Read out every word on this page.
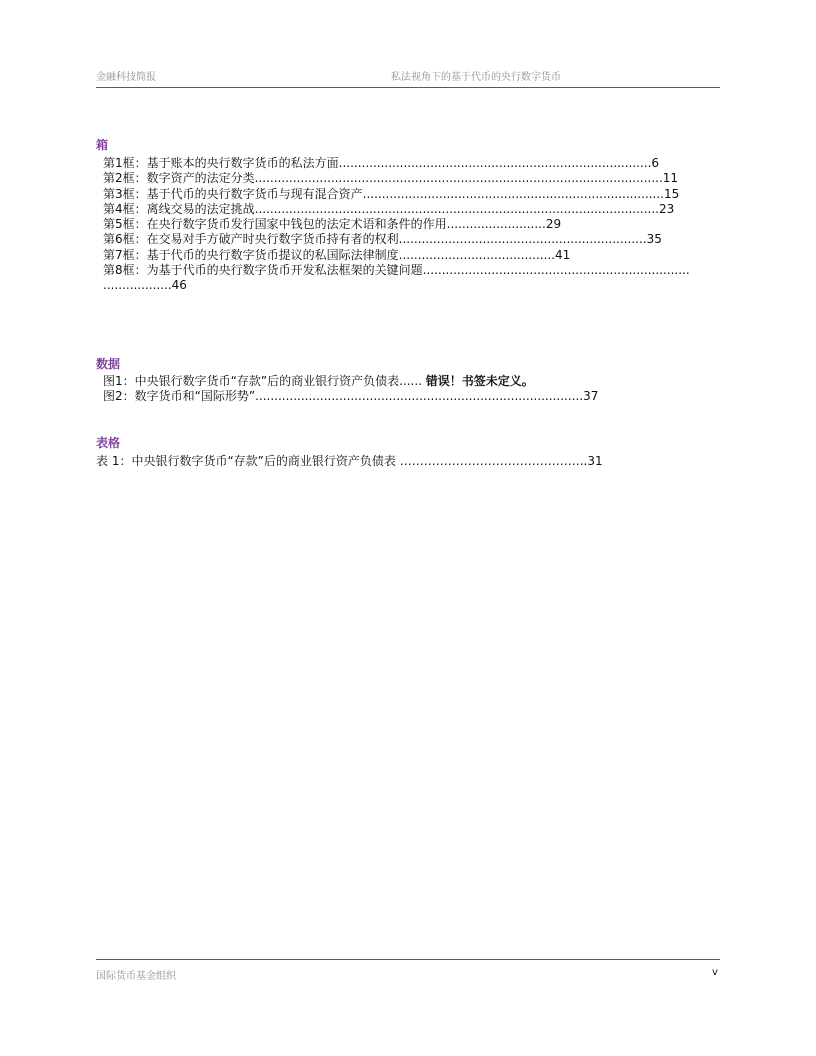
金融科技简报	私法视角下的基于代币的央行数字货币
箱
第1框：基于账本的央行数字货币的私法方面..................................................................................6
第2框：数字资产的法定分类...........................................................................................................11
第3框：基于代币的央行数字货币与现有混合资产...............................................................................15
第4框：离线交易的法定挑战..........................................................................................................23
第5框：在央行数字货币发行国家中钱包的法定术语和条件的作用..........................29
第6框：在交易对手方破产时央行数字货币持有者的权利.................................................................35
第7框：基于代币的央行数字货币提议的私国际法律制度.........................................41
第8框：为基于代币的央行数字货币开发私法框架的关键问题......................................................................
..................46
数据
图1：中央银行数字货币“存款”后的商业银行资产负债表...... 错误！书签未定义。
图2：数字货币和“国际形势”......................................................................................37
表格
表 1：中央银行数字货币“存款”后的商业银行资产负债表 ………………………………………..31
国际货币基金组织	v
